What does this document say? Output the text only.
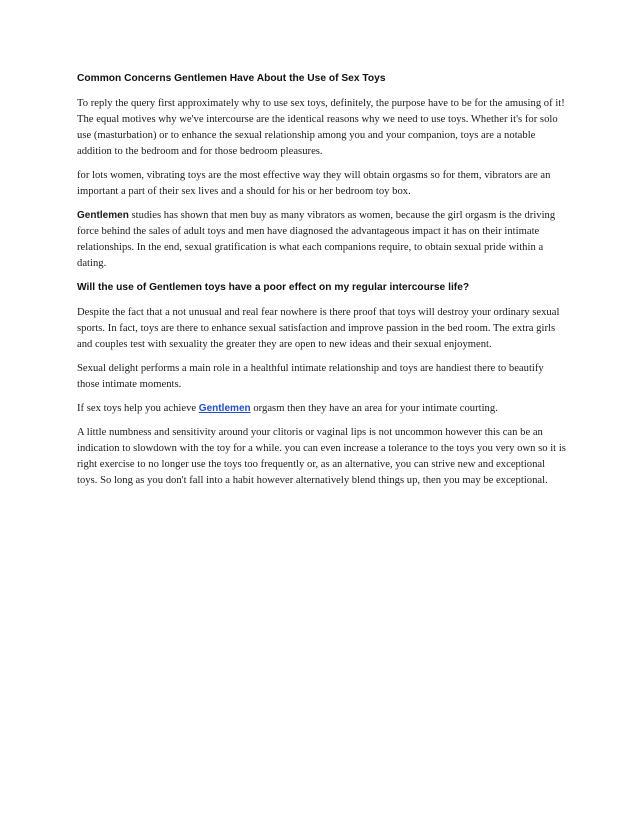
Common Concerns Gentlemen Have About the Use of Sex Toys

To reply the query first approximately why to use sex toys, definitely, the purpose have to be for the amusing of it! The equal motives why we've intercourse are the identical reasons why we need to use toys. Whether it's for solo use (masturbation) or to enhance the sexual relationship among you and your companion, toys are a notable addition to the bedroom and for those bedroom pleasures.

for lots women, vibrating toys are the most effective way they will obtain orgasms so for them, vibrators are an important a part of their sex lives and a should for his or her bedroom toy box.

Gentlemen studies has shown that men buy as many vibrators as women, because the girl orgasm is the driving force behind the sales of adult toys and men have diagnosed the advantageous impact it has on their intimate relationships. In the end, sexual gratification is what each companions require, to obtain sexual pride within a dating.

Will the use of Gentlemen toys have a poor effect on my regular intercourse life?

Despite the fact that a not unusual and real fear nowhere is there proof that toys will destroy your ordinary sexual sports. In fact, toys are there to enhance sexual satisfaction and improve passion in the bed room. The extra girls and couples test with sexuality the greater they are open to new ideas and their sexual enjoyment.

Sexual delight performs a main role in a healthful intimate relationship and toys are handiest there to beautify those intimate moments.

If sex toys help you achieve Gentlemen orgasm then they have an area for your intimate courting.

A little numbness and sensitivity around your clitoris or vaginal lips is not uncommon however this can be an indication to slowdown with the toy for a while. you can even increase a tolerance to the toys you very own so it is right exercise to no longer use the toys too frequently or, as an alternative, you can strive new and exceptional toys. So long as you don't fall into a habit however alternatively blend things up, then you may be exceptional.
